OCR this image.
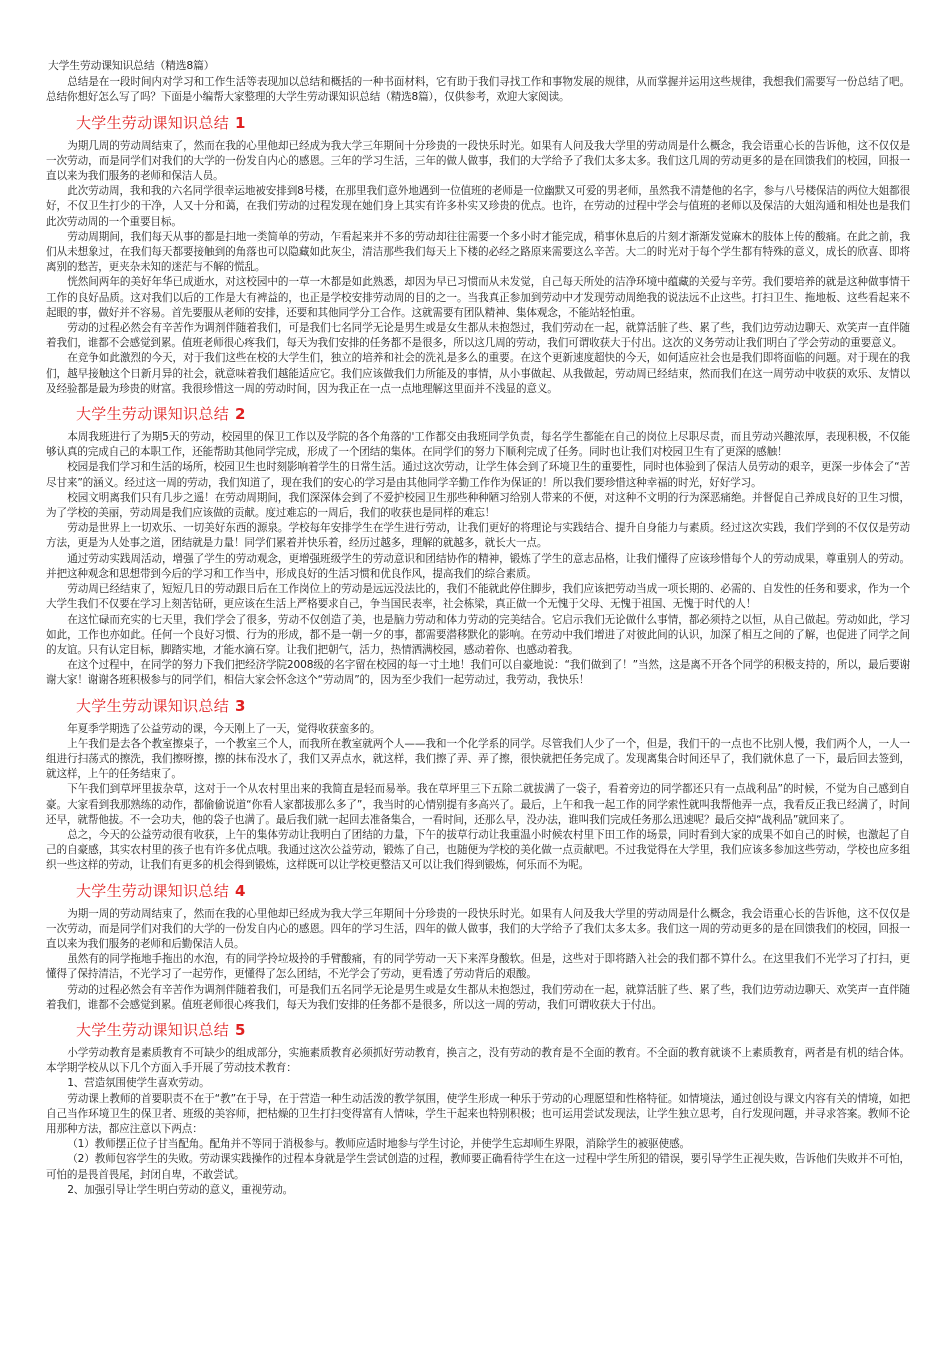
大学生劳动课知识总结（精选8篇）

总结是在一段时间内对学习和工作生活等表现加以总结和概括的一种书面材料，它有助于我们寻找工作和事物发展的规律，从而掌握并运用这些规律，我想我们需要写一份总结了吧。总结你想好怎么写了吗？下面是小编帮大家整理的大学生劳动课知识总结（精选8篇），仅供参考，欢迎大家阅读。

大学生劳动课知识总结 1

为期几周的劳动周结束了，然而在我的心里他却已经成为我大学三年期间十分珍贵的一段快乐时光。如果有人问及我大学里的劳动周是什么概念，我会语重心长的告诉他，这不仅仅是一次劳动，而是同学们对我们的大学的一份发自内心的感恩。三年的学习生活，三年的做人做事，我们的大学给予了我们太多太多。我们这几周的劳动更多的是在回馈我们的校园，回报一直以来为我们服务的老师和保洁人员。

此次劳动周，我和我的六名同学很幸运地被安排到8号楼，在那里我们意外地遇到一位值班的老师是一位幽默又可爱的男老师，虽然我不清楚他的名字，参与八号楼保洁的两位大姐都很好，不仅卫生打少的干净，人又十分和蔼，在我们劳动的过程发现在她们身上其实有许多朴实又珍贵的优点。也许，在劳动的过程中学会与值班的老师以及保洁的大姐沟通和相处也是我们此次劳动周的一个重要目标。

劳动周期间，我们每天从事的都是扫地一类简单的劳动，乍看起来并不多的劳动却往往需要一个多小时才能完成，稍事休息后的片刻才渐渐发觉麻木的肢体上传的酸痛。在此之前，我们从未想象过，在我们每天都要接触到的角落也可以隐藏如此灰尘，清洁那些我们每天上下楼的必经之路原来需要这么辛苦。大二的时光对于每个学生都有特殊的意义，成长的欣喜、即将离别的愁苦，更夹杂未知的迷茫与不解的慌乱。

恍然间两年的美好年华已成逝水，对这校园中的一草一木都是如此熟悉，却因为早已习惯而从未发觉，自己每天所处的洁净环境中蕴藏的关爱与辛劳。我们要培养的就是这种做事情干工作的良好品质。这对我们以后的工作是大有裨益的，也正是学校安排劳动周的目的之一。当我真正参加到劳动中才发现劳动周绝我的说法远不止这些。打扫卫生、拖地板、这些看起来不起眼的事，做好并不容易。首先要服从老师的安排，还要和其他同学分工合作。这就需要有团队精神、集体观念，不能站轻怕重。

劳动的过程必然会有辛苦作为调剂伴随着我们，可是我们七名同学无论是男生或是女生都从未抱怨过，我们劳动在一起，就算活脏了些、累了些，我们边劳动边聊天、欢笑声一直伴随着我们，谁都不会感觉到累。值班老师很心疼我们，每天为我们安排的任务都不是很多，所以这几周的劳动，我们可谓收获大于付出。这次的义务劳动让我们明白了学会劳动的重要意义。

在竞争如此激烈的今天，对于我们这些在校的大学生们，独立的培养和社会的洗礼是多么的重要。在这个更新速度超快的今天，如何适应社会也是我们即将面临的问题。对于现在的我们，越早接触这个日新月异的社会，就意味着我们越能适应它。我们应该做我们力所能及的事情，从小事做起、从我做起，劳动周已经结束，然而我们在这一周劳动中收获的欢乐、友情以及经验都是最为珍贵的财富。我很珍惜这一周的劳动时间，因为我正在一点一点地理解这里面并不浅显的意义。

大学生劳动课知识总结 2

本周我班进行了为期5天的劳动，校园里的保卫工作以及学院的各个角落的'工作都交由我班同学负责，每名学生都能在自己的岗位上尽职尽责，而且劳动兴趣浓厚，表现积极，不仅能够认真的完成自己的本职工作，还能帮助其他同学完成，形成了一个团结的集体。在同学们的努力下顺利完成了任务。同时也让我们对校园卫生有了更深的感触！

校园是我们学习和生活的场所，校园卫生也时刻影响着学生的日常生活。通过这次劳动，让学生体会到了环境卫生的重要性，同时也体验到了保洁人员劳动的艰辛，更深一步体会了“苦尽甘来”的涵义。经过这一周的劳动，我们知道了，现在我们的安心的学习是由其他同学辛勤工作作为保证的！所以我们要珍惜这种幸福的时光，好好学习。

校园文明离我们只有几步之遥！在劳动周期间，我们深深体会到了不爱护校园卫生那些种种陋习给别人带来的不便，对这种不文明的行为深恶痛绝。并督促自己养成良好的卫生习惯，为了学校的美丽，劳动周是我们应该做的贡献。度过难忘的一周后，我们的收获也是同样的难忘！

劳动是世界上一切欢乐、一切美好东西的源泉。学校每年安排学生在学生进行劳动，让我们更好的将理论与实践结合、提升自身能力与素质。经过这次实践，我们学到的不仅仅是劳动方法，更是为人处事之道，团结就是力量！同学们累着并快乐着，经历过越多，理解的就越多，就长大一点。

通过劳动实践周活动，增强了学生的劳动观念，更增强班级学生的劳动意识和团结协作的精神，锻炼了学生的意志品格，让我们懂得了应该珍惜每个人的劳动成果，尊重别人的劳动。并把这种观念和思想带到今后的学习和工作当中，形成良好的生活习惯和优良作风，提高我们的综合素质。

劳动周已经结束了，短短几日的劳动跟日后在工作岗位上的劳动是远远没法比的，我们不能就此停住脚步，我们应该把劳动当成一项长期的、必需的、自发性的任务和要求，作为一个大学生我们不仅要在学习上刻苦钻研，更应该在生活上严格要求自己，争当国民表率，社会栋梁，真正做一个无愧于父母、无愧于祖国、无愧于时代的人！

在这忙碌而充实的七天里，我们学会了很多，劳动不仅创造了美，也是脑力劳动和体力劳动的完美结合。它启示我们无论做什么事情，都必须持之以恒，从自己做起。劳动如此，学习如此，工作也亦如此。任何一个良好习惯、行为的形成，都不是一朝一夕的事，都需要潜移默化的影响。在劳动中我们增进了对彼此间的认识，加深了相互之间的了解，也促进了同学之间的友谊。只有认定目标，脚踏实地，才能水滴石穿。让我们把朝气，活力，热情洒满校园，感动着你、也感动着我。

在这个过程中，在同学的努力下我们把经济学院2008级的名字留在校园的每一寸土地！我们可以自豪地说：“我们做到了！”当然，这是离不开各个同学的积极支持的，所以，最后要谢谢大家！谢谢各班积极参与的同学们，相信大家会怀念这个“劳动周”的，因为至少我们一起劳动过，我劳动，我快乐！

大学生劳动课知识总结 3

年夏季学期选了公益劳动的课，今天刚上了一天，觉得收获蛮多的。

上午我们是去各个教室擦桌子，一个教室三个人，而我所在教室就两个人——我和一个化学系的同学。尽管我们人少了一个，但是，我们干的一点也不比别人慢，我们两个人，一人一组进行扫荡式的擦洗，我们擦呀擦，擦的抹布没水了，我们又弄点水，就这样，我们擦了弄、弄了擦，很快就把任务完成了。发现离集合时间还早了，我们就休息了一下，最后回去签到，就这样，上午的任务结束了。

下午我们到草坪里拔杂草，这对于一个从农村里出来的我简直是轻而易举。我在草坪里三下五除二就拔满了一袋子，看着旁边的同学都还只有一点战利品”的时候，不觉为自己感到自豪。大家看到我那熟练的动作，都偷偷说道“你看人家都拔那么多了”，我当时的心情别提有多高兴了。最后，上午和我一起工作的同学索性就叫我帮他弄一点，我看反正我已经满了，时间还早，就帮他拔。不一会功夫，他的袋子也满了。最后我们就一起回去准备集合，一看时间，还那么早，没办法，谁叫我们完成任务那么迅速呢？最后交掉“战利品”就回来了。

总之，今天的公益劳动很有收获，上午的集体劳动让我明白了团结的力量，下午的拔草行动让我重温小时候农村里下田工作的场景，同时看到大家的成果不如自己的时候，也激起了自己的自豪感，其实农村里的孩子也有许多优点哦。我通过这次公益劳动，锻炼了自己，也随便为学校的美化做一点贡献吧。不过我觉得在大学里，我们应该多参加这些劳动，学校也应多组织一些这样的劳动，让我们有更多的机会得到锻炼，这样既可以让学校更整洁又可以让我们得到锻炼，何乐而不为呢。

大学生劳动课知识总结 4

为期一周的劳动周结束了，然而在我的心里他却已经成为我大学三年期间十分珍贵的一段快乐时光。如果有人问及我大学里的劳动周是什么概念，我会语重心长的告诉他，这不仅仅是一次劳动，而是同学们对我们的大学的一份发自内心的感恩。四年的学习生活，四年的做人做事，我们的大学给予了我们太多太多。我们这一周的劳动更多的是在回馈我们的校园，回报一直以来为我们服务的老师和后勤保洁人员。

虽然有的同学拖地手拖出的水泡，有的同学拎垃圾拎的手臂酸痛，有的同学劳动一天下来浑身酸软。但是，这些对于即将踏入社会的我们都不算什么。在这里我们不光学习了打扫，更懂得了保持清洁，不光学习了一起劳作，更懂得了怎么团结，不光学会了劳动，更看透了劳动背后的艰酸。

劳动的过程必然会有辛苦作为调剂伴随着我们，可是我们五名同学无论是男生或是女生都从未抱怨过，我们劳动在一起，就算活脏了些、累了些，我们边劳动边聊天、欢笑声一直伴随着我们，谁都不会感觉到累。值班老师很心疼我们，每天为我们安排的任务都不是很多，所以这一周的劳动，我们可谓收获大于付出。

大学生劳动课知识总结 5

小学劳动教育是素质教育不可缺少的组成部分，实施素质教育必须抓好劳动教育，换言之，没有劳动的教育是不全面的教育。不全面的教育就谈不上素质教育，两者是有机的结合体。本学期学校从以下几个方面入手开展了劳动技术教育：

1、营造氛围使学生喜欢劳动。

劳动课上教师的首要职责不在于“教”在于导，在于营造一种生动活泼的教学氛围，使学生形成一种乐于劳动的心理愿望和性格特征。如情境法，通过创设与课文内容有关的情境，如把自己当作环境卫生的保卫者、班级的美容师，把枯燥的卫生打扫变得富有人情味，学生干起来也特别积极；也可运用尝试发现法，让学生独立思考，自行发现问题，并寻求答案。教师不论用那种方法，都应注意以下两点：

（1）教师摆正位子甘当配角。配角并不等同于消极参与。教师应适时地参与学生讨论，并使学生忘却师生界限，消除学生的被驱使感。

（2）教师包容学生的失败。劳动课实践操作的过程本身就是学生尝试创造的过程，教师要正确看待学生在这一过程中学生所犯的错误，要引导学生正视失败，告诉他们失败并不可怕，可怕的是畏首畏尾，封闭自卑，不敢尝试。

2、加强引导让学生明白劳动的意义，重视劳动。
